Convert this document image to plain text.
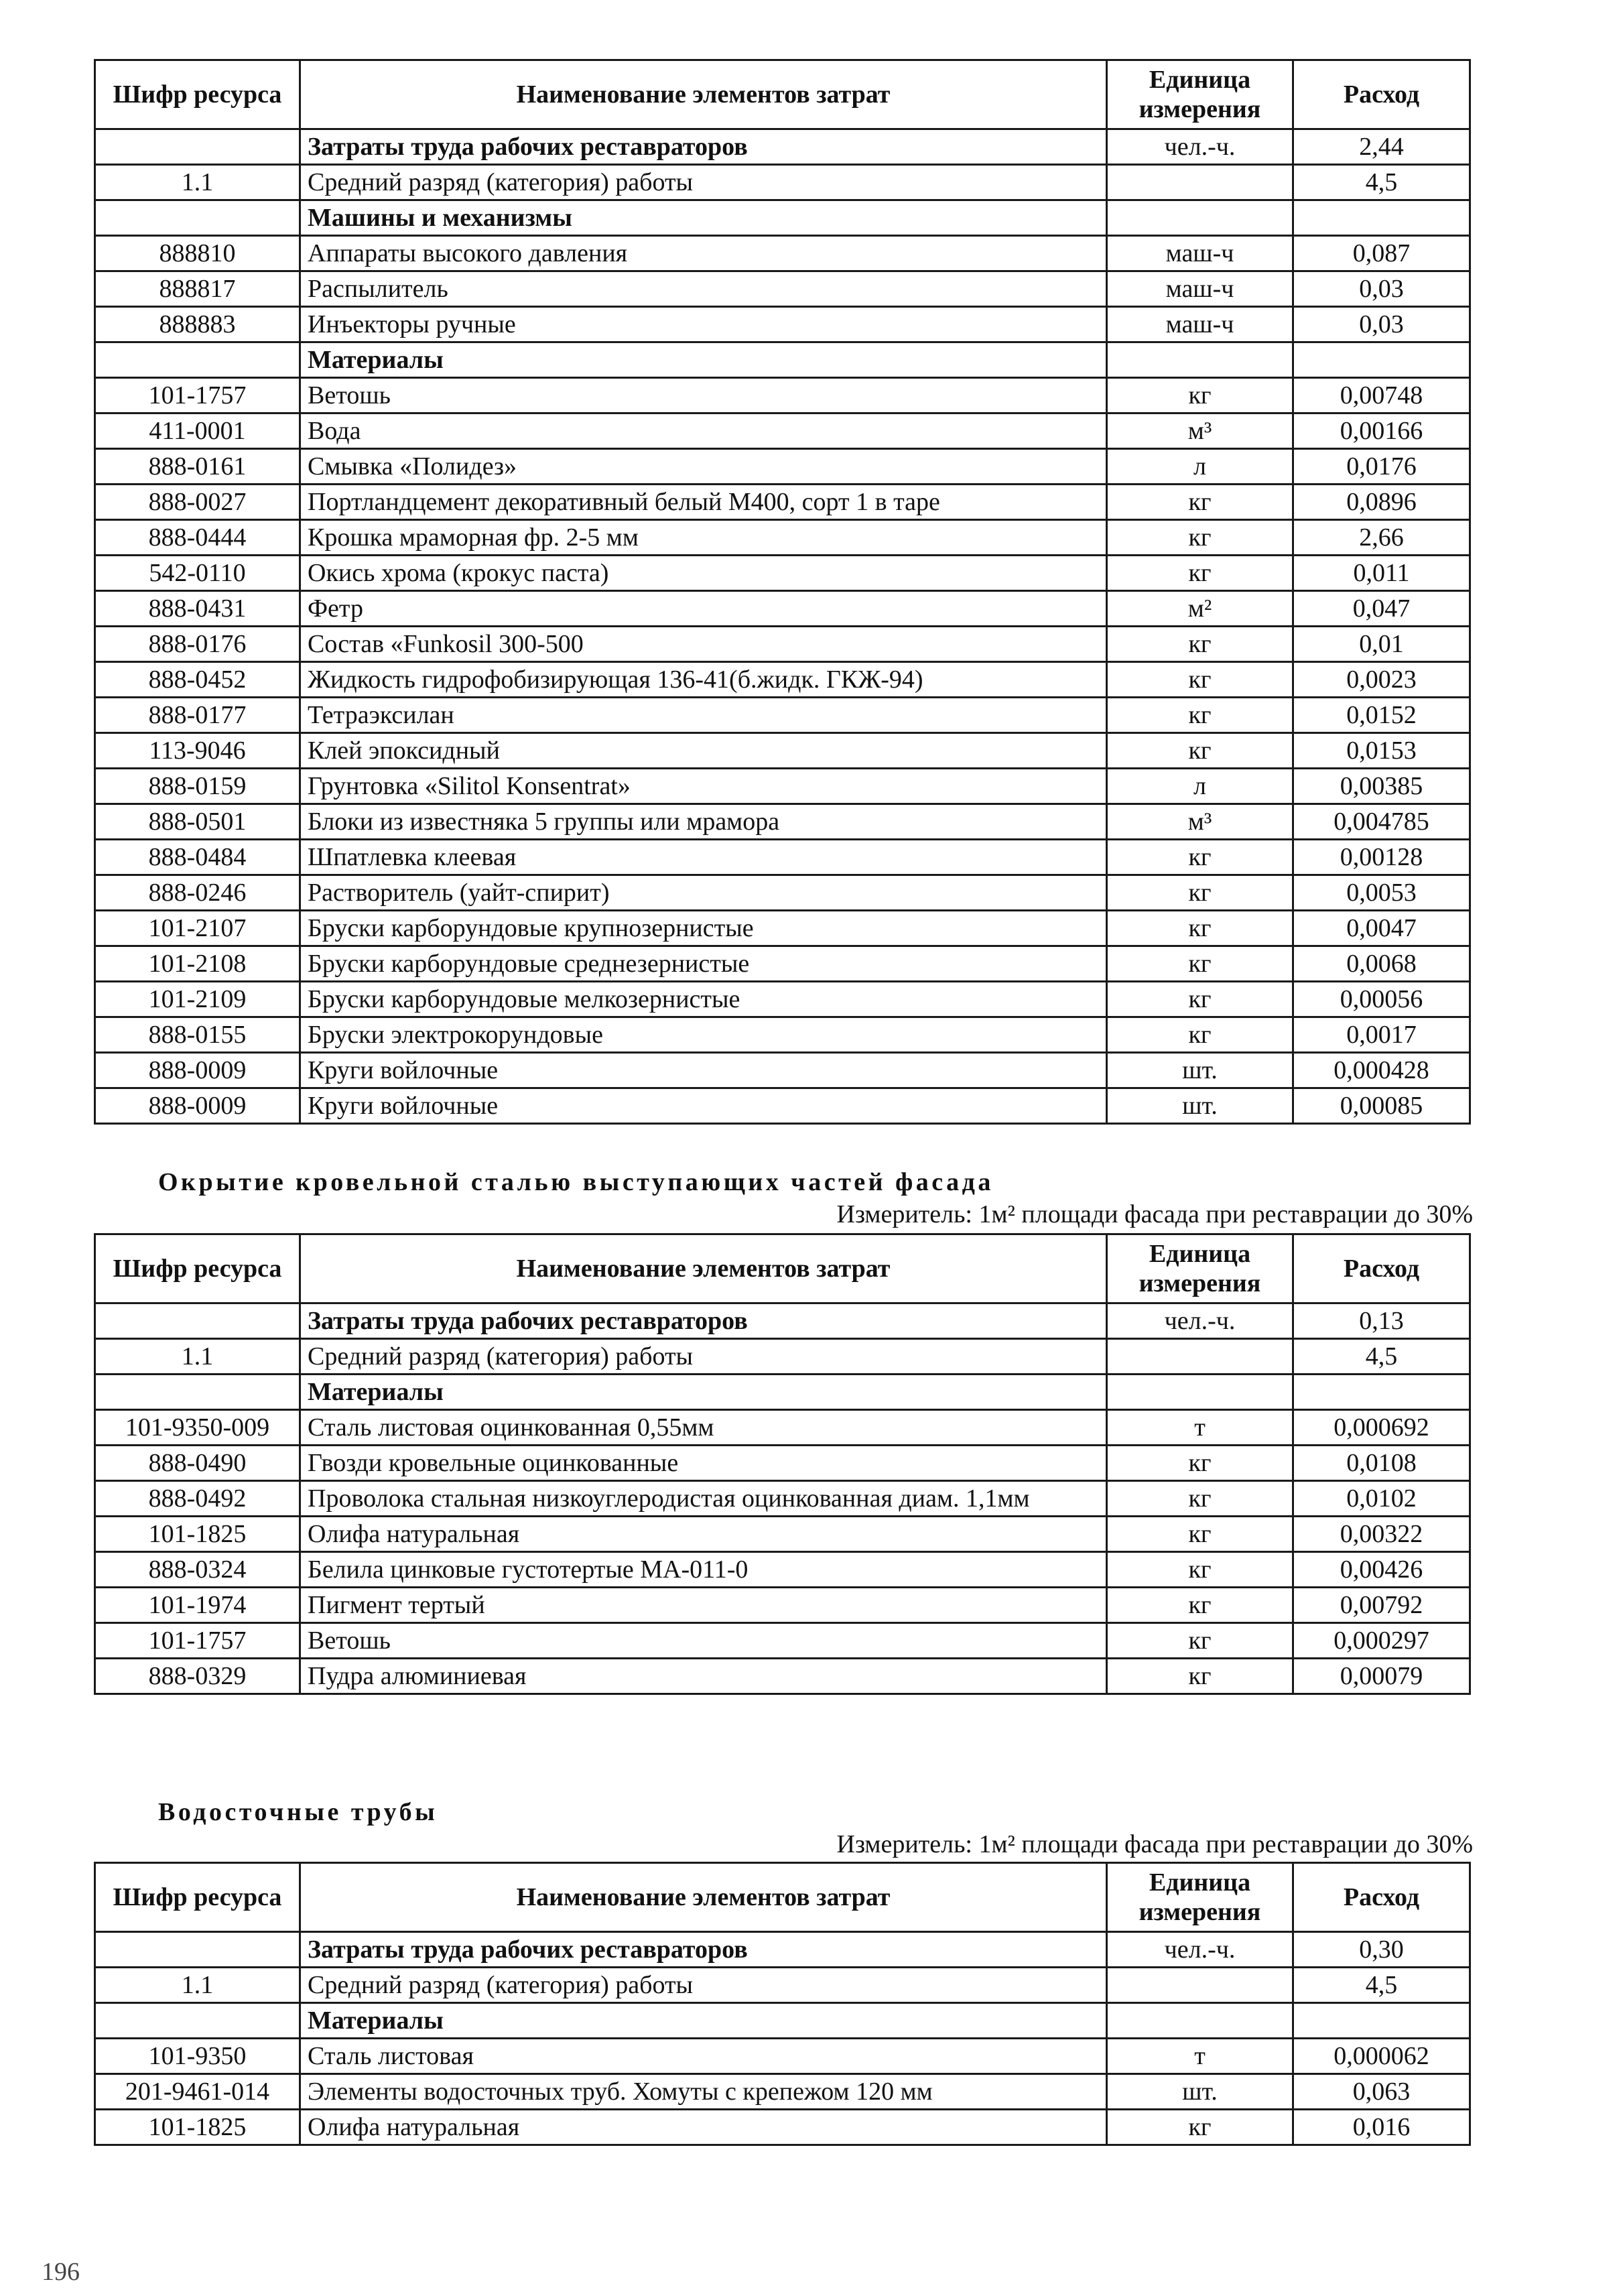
Шифр ресурса	Наименование элементов затрат	Единица измерения	Расход
	Затраты труда рабочих реставраторов	чел.-ч.	2,44
1.1	Средний разряд (категория) работы		4,5
	Машины и механизмы		
888810	Аппараты высокого давления	маш-ч	0,087
888817	Распылитель	маш-ч	0,03
888883	Инъекторы ручные	маш-ч	0,03
	Материалы		
101-1757	Ветошь	кг	0,00748
411-0001	Вода	м³	0,00166
888-0161	Смывка «Полидез»	л	0,0176
888-0027	Портландцемент декоративный белый М400, сорт 1 в таре	кг	0,0896
888-0444	Крошка мраморная фр. 2-5 мм	кг	2,66
542-0110	Окись хрома (крокус паста)	кг	0,011
888-0431	Фетр	м²	0,047
888-0176	Состав «Funkosil 300-500	кг	0,01
888-0452	Жидкость гидрофобизирующая 136-41(б.жидк. ГКЖ-94)	кг	0,0023
888-0177	Тетраэксилан	кг	0,0152
113-9046	Клей эпоксидный	кг	0,0153
888-0159	Грунтовка «Silitol Konsentrat»	л	0,00385
888-0501	Блоки из известняка 5 группы или мрамора	м³	0,004785
888-0484	Шпатлевка клеевая	кг	0,00128
888-0246	Растворитель (уайт-спирит)	кг	0,0053
101-2107	Бруски карборундовые крупнозернистые	кг	0,0047
101-2108	Бруски карборундовые среднезернистые	кг	0,0068
101-2109	Бруски карборундовые мелкозернистые	кг	0,00056
888-0155	Бруски электрокорундовые	кг	0,0017
888-0009	Круги войлочные	шт.	0,000428
888-0009	Круги войлочные	шт.	0,00085
Окрытие кровельной сталью выступающих частей фасада
Измеритель: 1м² площади фасада при реставрации до 30%
Шифр ресурса	Наименование элементов затрат	Единица измерения	Расход
	Затраты труда рабочих реставраторов	чел.-ч.	0,13
1.1	Средний разряд (категория) работы		4,5
	Материалы		
101-9350-009	Сталь листовая оцинкованная 0,55мм	т	0,000692
888-0490	Гвозди кровельные оцинкованные	кг	0,0108
888-0492	Проволока стальная низкоуглеродистая оцинкованная диам. 1,1мм	кг	0,0102
101-1825	Олифа натуральная	кг	0,00322
888-0324	Белила цинковые густотертые МА-011-0	кг	0,00426
101-1974	Пигмент тертый	кг	0,00792
101-1757	Ветошь	кг	0,000297
888-0329	Пудра алюминиевая	кг	0,00079
Водосточные трубы
Измеритель: 1м² площади фасада при реставрации до 30%
Шифр ресурса	Наименование элементов затрат	Единица измерения	Расход
	Затраты труда рабочих реставраторов	чел.-ч.	0,30
1.1	Средний разряд (категория) работы		4,5
	Материалы		
101-9350	Сталь листовая	т	0,000062
201-9461-014	Элементы водосточных труб. Хомуты с крепежом 120 мм	шт.	0,063
101-1825	Олифа натуральная	кг	0,016
196
